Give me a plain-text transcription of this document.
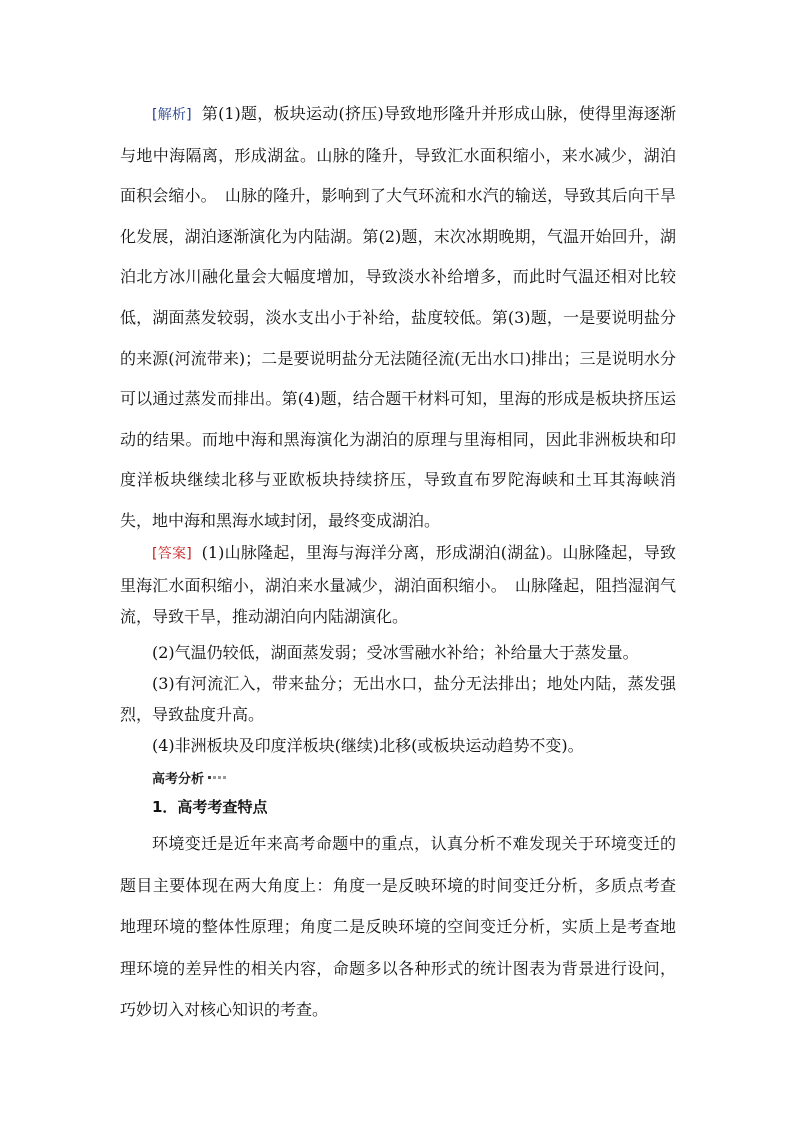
[解析] 第(1)题，板块运动(挤压)导致地形隆升并形成山脉，使得里海逐渐与地中海隔离，形成湖盆。山脉的隆升，导致汇水面积缩小，来水减少，湖泊面积会缩小。　山脉的隆升，影响到了大气环流和水汽的输送，导致其后向干旱化发展，湖泊逐渐演化为内陆湖。第(2)题，末次冰期晚期，气温开始回升，湖泊北方冰川融化量会大幅度增加，导致淡水补给增多，而此时气温还相对比较低，湖面蒸发较弱，淡水支出小于补给，盐度较低。第(3)题，一是要说明盐分的来源(河流带来)；二是要说明盐分无法随径流(无出水口)排出；三是说明水分可以通过蒸发而排出。第(4)题，结合题干材料可知，里海的形成是板块挤压运动的结果。而地中海和黑海演化为湖泊的原理与里海相同，因此非洲板块和印度洋板块继续北移与亚欧板块持续挤压，导致直布罗陀海峡和土耳其海峡消失，地中海和黑海水域封闭，最终变成湖泊。

[答案] (1)山脉隆起，里海与海洋分离，形成湖泊(湖盆)。山脉隆起，导致里海汇水面积缩小，湖泊来水量减少，湖泊面积缩小。　山脉隆起，阻挡湿润气流，导致干旱，推动湖泊向内陆湖演化。

(2)气温仍较低，湖面蒸发弱；受冰雪融水补给；补给量大于蒸发量。

(3)有河流汇入，带来盐分；无出水口，盐分无法排出；地处内陆，蒸发强烈，导致盐度升高。

(4)非洲板块及印度洋板块(继续)北移(或板块运动趋势不变)。

高考分析
1．高考考查特点

环境变迁是近年来高考命题中的重点，认真分析不难发现关于环境变迁的题目主要体现在两大角度上：角度一是反映环境的时间变迁分析，多质点考查地理环境的整体性原理；角度二是反映环境的空间变迁分析，实质上是考查地理环境的差异性的相关内容，命题多以各种形式的统计图表为背景进行设问，巧妙切入对核心知识的考查。
